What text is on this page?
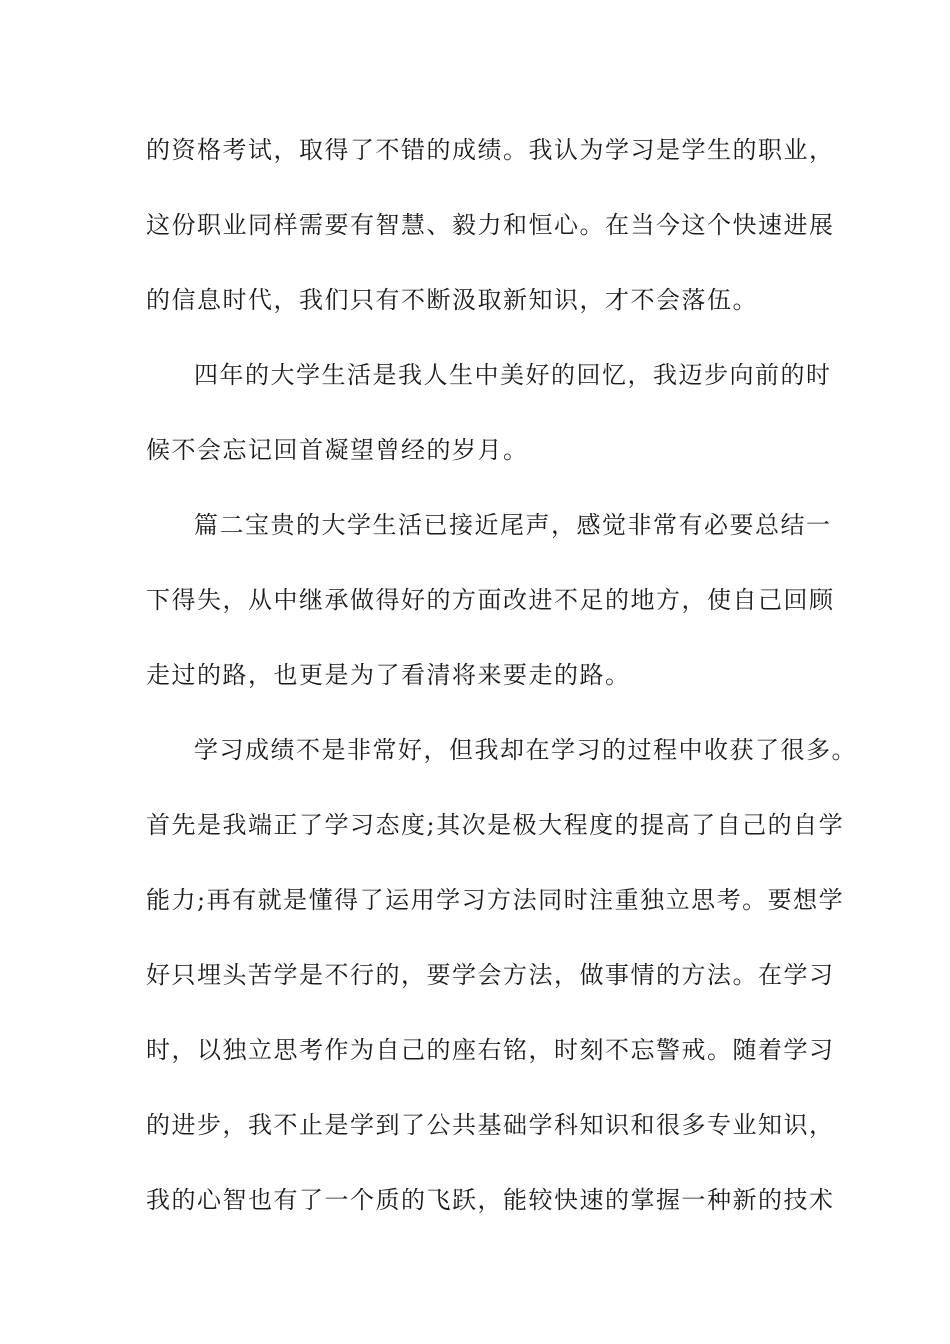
的资格考试，取得了不错的成绩。我认为学习是学生的职业，
这份职业同样需要有智慧、毅力和恒心。在当今这个快速进展
的信息时代，我们只有不断汲取新知识，才不会落伍。
四年的大学生活是我人生中美好的回忆，我迈步向前的时
候不会忘记回首凝望曾经的岁月。
篇二宝贵的大学生活已接近尾声，感觉非常有必要总结一
下得失，从中继承做得好的方面改进不足的地方，使自己回顾
走过的路，也更是为了看清将来要走的路。
学习成绩不是非常好，但我却在学习的过程中收获了很多。
首先是我端正了学习态度;其次是极大程度的提高了自己的自学
能力;再有就是懂得了运用学习方法同时注重独立思考。要想学
好只埋头苦学是不行的，要学会方法，做事情的方法。在学习
时，以独立思考作为自己的座右铭，时刻不忘警戒。随着学习
的进步，我不止是学到了公共基础学科知识和很多专业知识，
我的心智也有了一个质的飞跃，能较快速的掌握一种新的技术
